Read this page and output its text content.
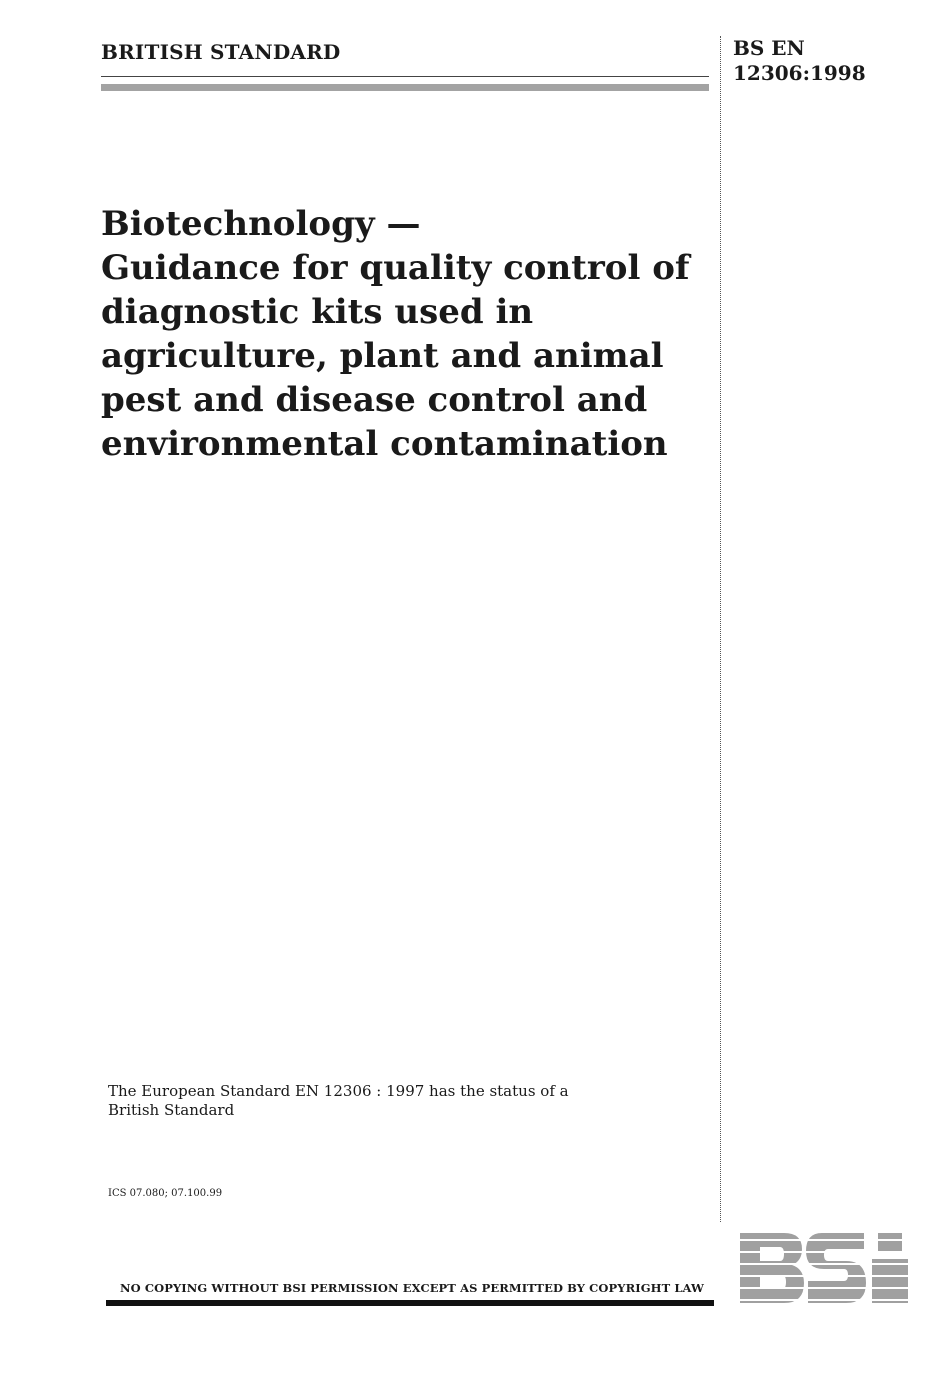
BRITISH STANDARD	BS EN
12306:1998
Biotechnology —
Guidance for quality control of
diagnostic kits used in
agriculture, plant and animal
pest and disease control and
environmental contamination
The European Standard EN 12306 : 1997 has the status of a
British Standard
ICS 07.080; 07.100.99
NO COPYING WITHOUT BSI PERMISSION EXCEPT AS PERMITTED BY COPYRIGHT LAW
